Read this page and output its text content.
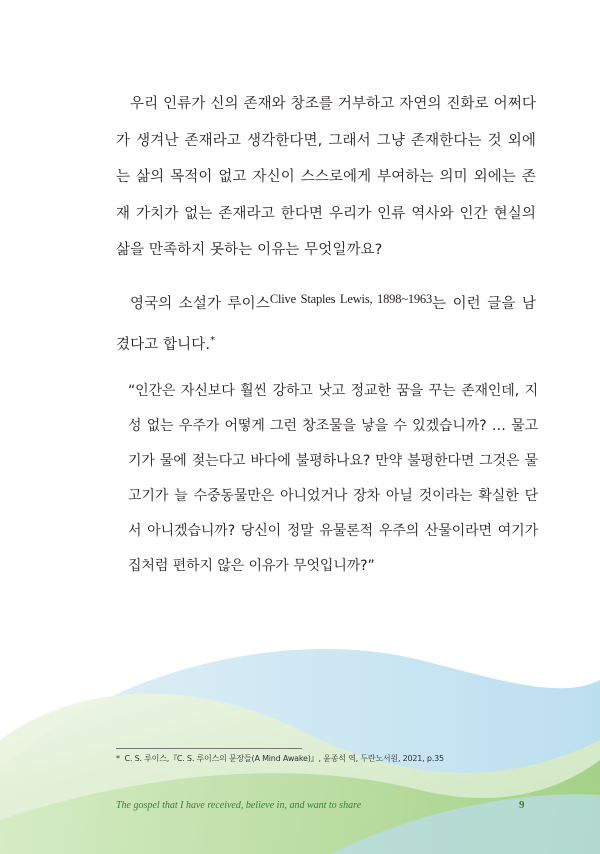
우리 인류가 신의 존재와 창조를 거부하고 자연의 진화로 어쩌다가 생겨난 존재라고 생각한다면, 그래서 그냥 존재한다는 것 외에는 삶의 목적이 없고 자신이 스스로에게 부여하는 의미 외에는 존재 가치가 없는 존재라고 한다면 우리가 인류 역사와 인간 현실의 삶을 만족하지 못하는 이유는 무엇일까요?

영국의 소설가 루이스Clive Staples Lewis, 1898~1963는 이런 글을 남겼다고 합니다.*

“인간은 자신보다 훨씬 강하고 낫고 정교한 꿈을 꾸는 존재인데, 지성 없는 우주가 어떻게 그런 창조물을 낳을 수 있겠습니까? … 물고기가 물에 젖는다고 바다에 불평하나요? 만약 불평한다면 그것은 물고기가 늘 수중동물만은 아니었거나 장차 아닐 것이라는 확실한 단서 아니겠습니까? 당신이 정말 유물론적 우주의 산물이라면 여기가 집처럼 편하지 않은 이유가 무엇입니까?”

* C. S. 루이스,『C. S. 루이스의 문장들(A Mind Awake)』, 윤종석 역, 두란노서원, 2021, p.35
The gospel that I have received, believe in, and want to share	9
